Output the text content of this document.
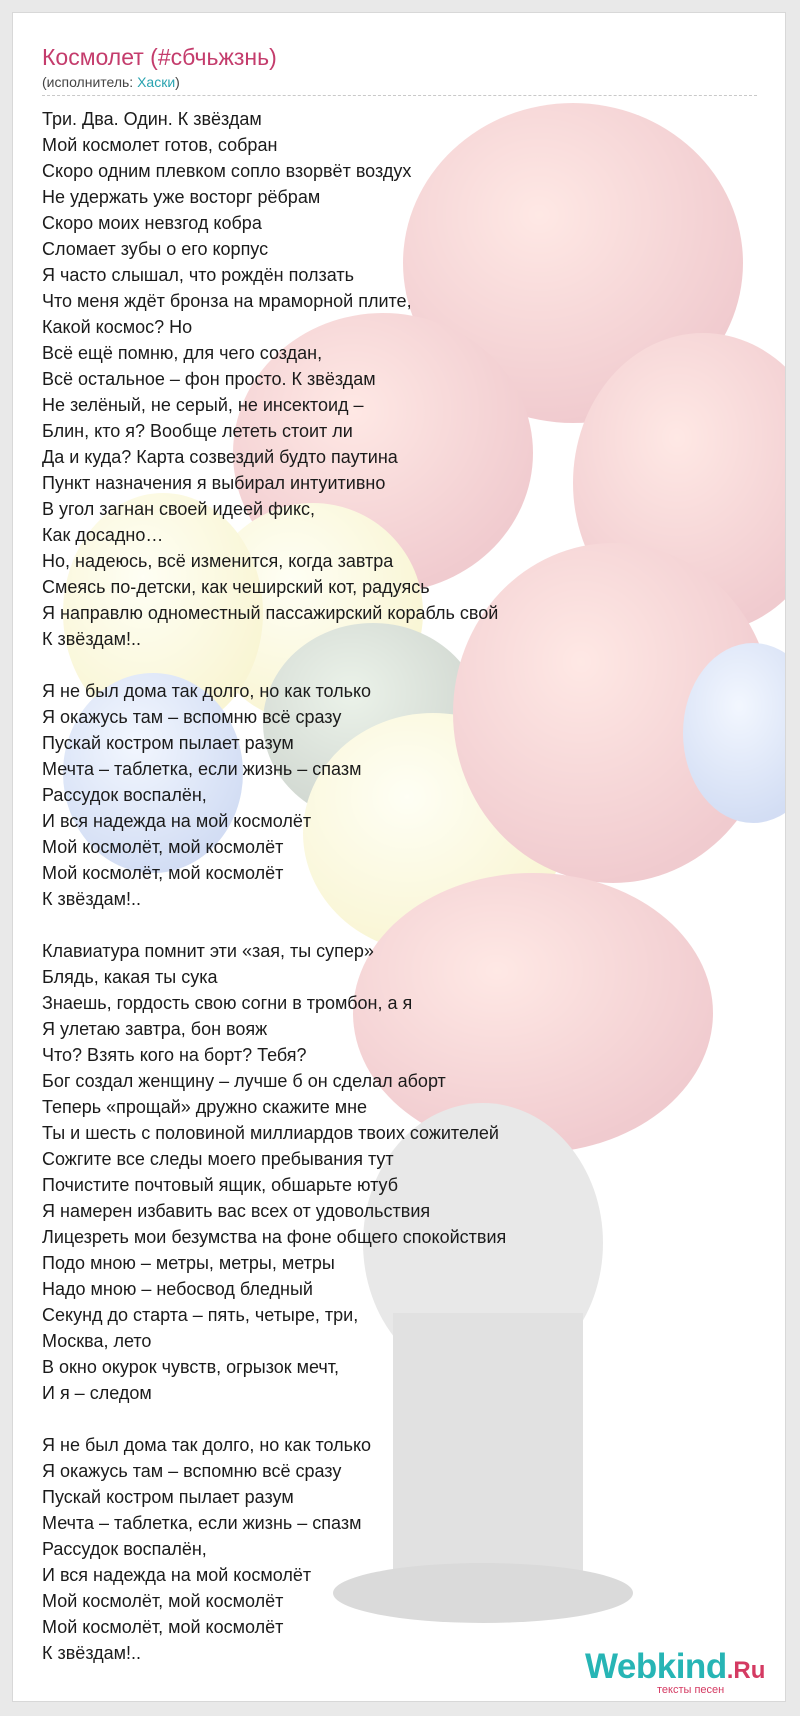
Космолет (#сбчьжзнь)
(исполнитель: Хаски)
Три. Два. Один. К звёздам
Мой космолет готов, собран
Скоро одним плевком сопло взорвёт воздух
Не удержать уже восторг рёбрам
Скоро моих невзгод кобра
Сломает зубы о его корпус
Я часто слышал, что рождён ползать
Что меня ждёт бронза на мраморной плите,
Какой космос? Но
Всё ещё помню, для чего создан,
Всё остальное – фон просто. К звёздам
Не зелёный, не серый, не инсектоид –
Блин, кто я? Вообще лететь стоит ли
Да и куда? Карта созвездий будто паутина
Пункт назначения я выбирал интуитивно
В угол загнан своей идеей фикс,
Как досадно…
Но, надеюсь, всё изменится, когда завтра
Смеясь по-детски, как чеширский кот, радуясь
Я направлю одноместный пассажирский корабль свой
К звёздам!..
Я не был дома так долго, но как только
Я окажусь там – вспомню всё сразу
Пускай костром пылает разум
Мечта – таблетка, если жизнь – спазм
Рассудок воспалён,
И вся надежда на мой космолёт
Мой космолёт, мой космолёт
Мой космолёт, мой космолёт
К звёздам!..
Клавиатура помнит эти «зая, ты супер»
Блядь, какая ты сука
Знаешь, гордость свою согни в тромбон, а я
Я улетаю завтра, бон вояж
Что? Взять кого на борт? Тебя?
Бог создал женщину – лучше б он сделал аборт
Теперь «прощай» дружно скажите мне
Ты и шесть с половиной миллиардов твоих сожителей
Сожгите все следы моего пребывания тут
Почистите почтовый ящик, обшарьте ютуб
Я намерен избавить вас всех от удовольствия
Лицезреть мои безумства на фоне общего спокойствия
Подо мною – метры, метры, метры
Надо мною – небосвод бледный
Секунд до старта – пять, четыре, три,
Москва, лето
В окно окурок чувств, огрызок мечт,
И я – следом
Я не был дома так долго, но как только
Я окажусь там – вспомню всё сразу
Пускай костром пылает разум
Мечта – таблетка, если жизнь – спазм
Рассудок воспалён,
И вся надежда на мой космолёт
Мой космолёт, мой космолёт
Мой космолёт, мой космолёт
К звёздам!..	Webkind.Ru
тексты песен
